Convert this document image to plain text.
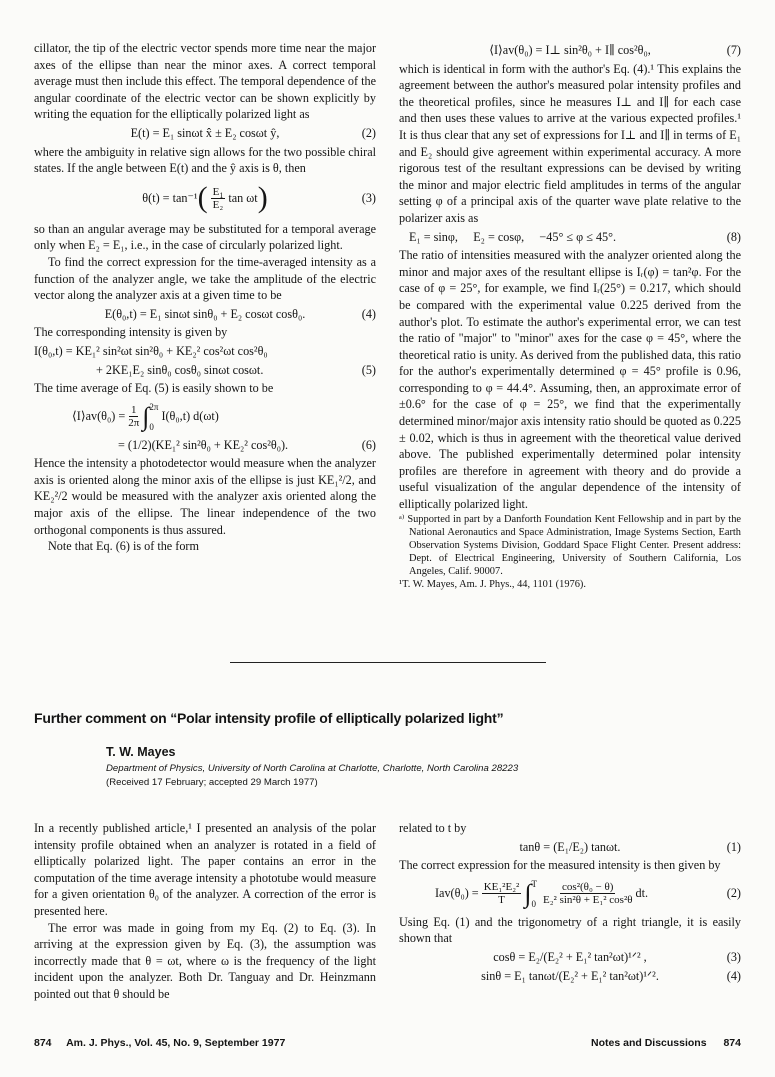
cillator, the tip of the electric vector spends more time near the major axes of the ellipse than near the minor axes. A correct temporal average must then include this effect. The temporal dependence of the angular coordinate of the electric vector can be shown explicitly by writing the equation for the elliptically polarized light as

E(t) = E₁ sinωt x̂ ± E₂ cosωt ŷ,	(2)

where the ambiguity in relative sign allows for the two possible chiral states. If the angle between E(t) and the ŷ axis is θ, then

θ(t) = tan⁻¹ ( $\frac{E_1}{\text{E₂}}$ tan ωt )	(3)

so than an angular average may be substituted for a temporal average only when E₂ = E₁, i.e., in the case of circularly polarized light.

To find the correct expression for the time-averaged intensity as a function of the analyzer angle, we take the amplitude of the electric vector along the analyzer axis at a given time to be

E(θ₀,t) = E₁ sinωt sinθ₀ + E₂ cosωt cosθ₀.	(4)

The corresponding intensity is given by

I(θ₀,t) = KE₁² sin²ωt sin²θ₀ + KE₂² cos²ωt cos²θ₀
+ 2KE₁E₂ sinθ₀ cosθ₀ sinωt cosωt.	(5)

The time average of Eq. (5) is easily shown to be

⟨I⟩av(θ₀) = $\frac{1}{2\pi}$ ∫ 2π
0
I(θ₀,t) d(ωt)
= (1/2)(KE₁² sin²θ₀ + KE₂² cos²θ₀).	(6)

Hence the intensity a photodetector would measure when the analyzer axis is oriented along the minor axis of the ellipse is just KE₁²/2, and KE₂²/2 would be measured with the analyzer axis oriented along the major axis of the ellipse. The linear independence of the two orthogonal components is thus assured.

Note that Eq. (6) is of the form

⟨I⟩av(θ₀) = I⊥ sin²θ₀ + I∥ cos²θ₀,	(7)

which is identical in form with the author's Eq. (4).¹ This explains the agreement between the author's measured polar intensity profiles and the theoretical profiles, since he measures I⊥ and I∥ for each case and then uses these values to arrive at the various expected profiles.¹ It is thus clear that any set of expressions for I⊥ and I∥ in terms of E₁ and E₂ should give agreement within experimental accuracy. A more rigorous test of the resultant expressions can be devised by writing the minor and major electric field amplitudes in terms of the angular setting φ of a principal axis of the quarter wave plate relative to the polarizer axis as

E₁ = sinφ,     E₂ = cosφ,     −45° ≤ φ ≤ 45°.	(8)

The ratio of intensities measured with the analyzer oriented along the minor and major axes of the resultant ellipse is Iᵣ(φ) = tan²φ. For the case of φ = 25°, for example, we find Iᵣ(25°) = 0.217, which should be compared with the experimental value 0.225 derived from the author's plot. To estimate the author's experimental error, we can test the ratio of "major" to "minor" axes for the case φ = 45°, where the theoretical ratio is unity. As derived from the published data, this ratio for the author's experimentally determined φ = 45° profile is 0.96, corresponding to φ = 44.4°. Assuming, then, an approximate error of ±0.6° for the case of φ = 25°, we find that the experimentally determined minor/major axis intensity ratio should be quoted as 0.225 ± 0.02, which is thus in agreement with the theoretical value derived above. The published experimentally determined polar intensity profiles are therefore in agreement with theory and do provide a useful visualization of the angular dependence of the intensity of elliptically polarized light.

ᵃ⁾ Supported in part by a Danforth Foundation Kent Fellowship and in part by the National Aeronautics and Space Administration, Image Systems Section, Earth Observation Systems Division, Goddard Space Flight Center. Present address: Dept. of Electrical Engineering, University of Southern California, Los Angeles, Calif. 90007.

¹T. W. Mayes, Am. J. Phys., 44, 1101 (1976).

Further comment on “Polar intensity profile of elliptically polarized light”
T. W. Mayes
Department of Physics, University of North Carolina at Charlotte, Charlotte, North Carolina 28223
(Received 17 February; accepted 29 March 1977)

In a recently published article,¹ I presented an analysis of the polar intensity profile obtained when an analyzer is rotated in a field of elliptically polarized light. The paper contains an error in the computation of the time average intensity a phototube would measure for a given orientation θ₀ of the analyzer. A correction of the error is presented here.

The error was made in going from my Eq. (2) to Eq. (3). In arriving at the expression given by Eq. (3), the assumption was incorrectly made that θ = ωt, where ω is the frequency of the light incident upon the analyzer. Both Dr. Tanguay and Dr. Heinzmann pointed out that θ should be

related to t by

tanθ = (E₁/E₂) tanωt.	(1)

The correct expression for the measured intensity is then given by

$Iav(\theta_0) = \frac{\text{KE₁²E₂²}}{T}$ ∫ T
$0 \frac{\text{cos²(θ₀ − θ)}}{\text{E₂² sin²θ + E₁² cos²θ}}$ dt.	(2)

Using Eq. (1) and the trigonometry of a right triangle, it is easily shown that

cosθ = E₂/(E₂² + E₁² tan²ωt)¹ᐟ² ,	(3)
sinθ = E₁ tanωt/(E₂² + E₁² tan²ωt)¹ᐟ².	(4)
874 Am. J. Phys., Vol. 45, No. 9, September 1977	Notes and Discussions 874
